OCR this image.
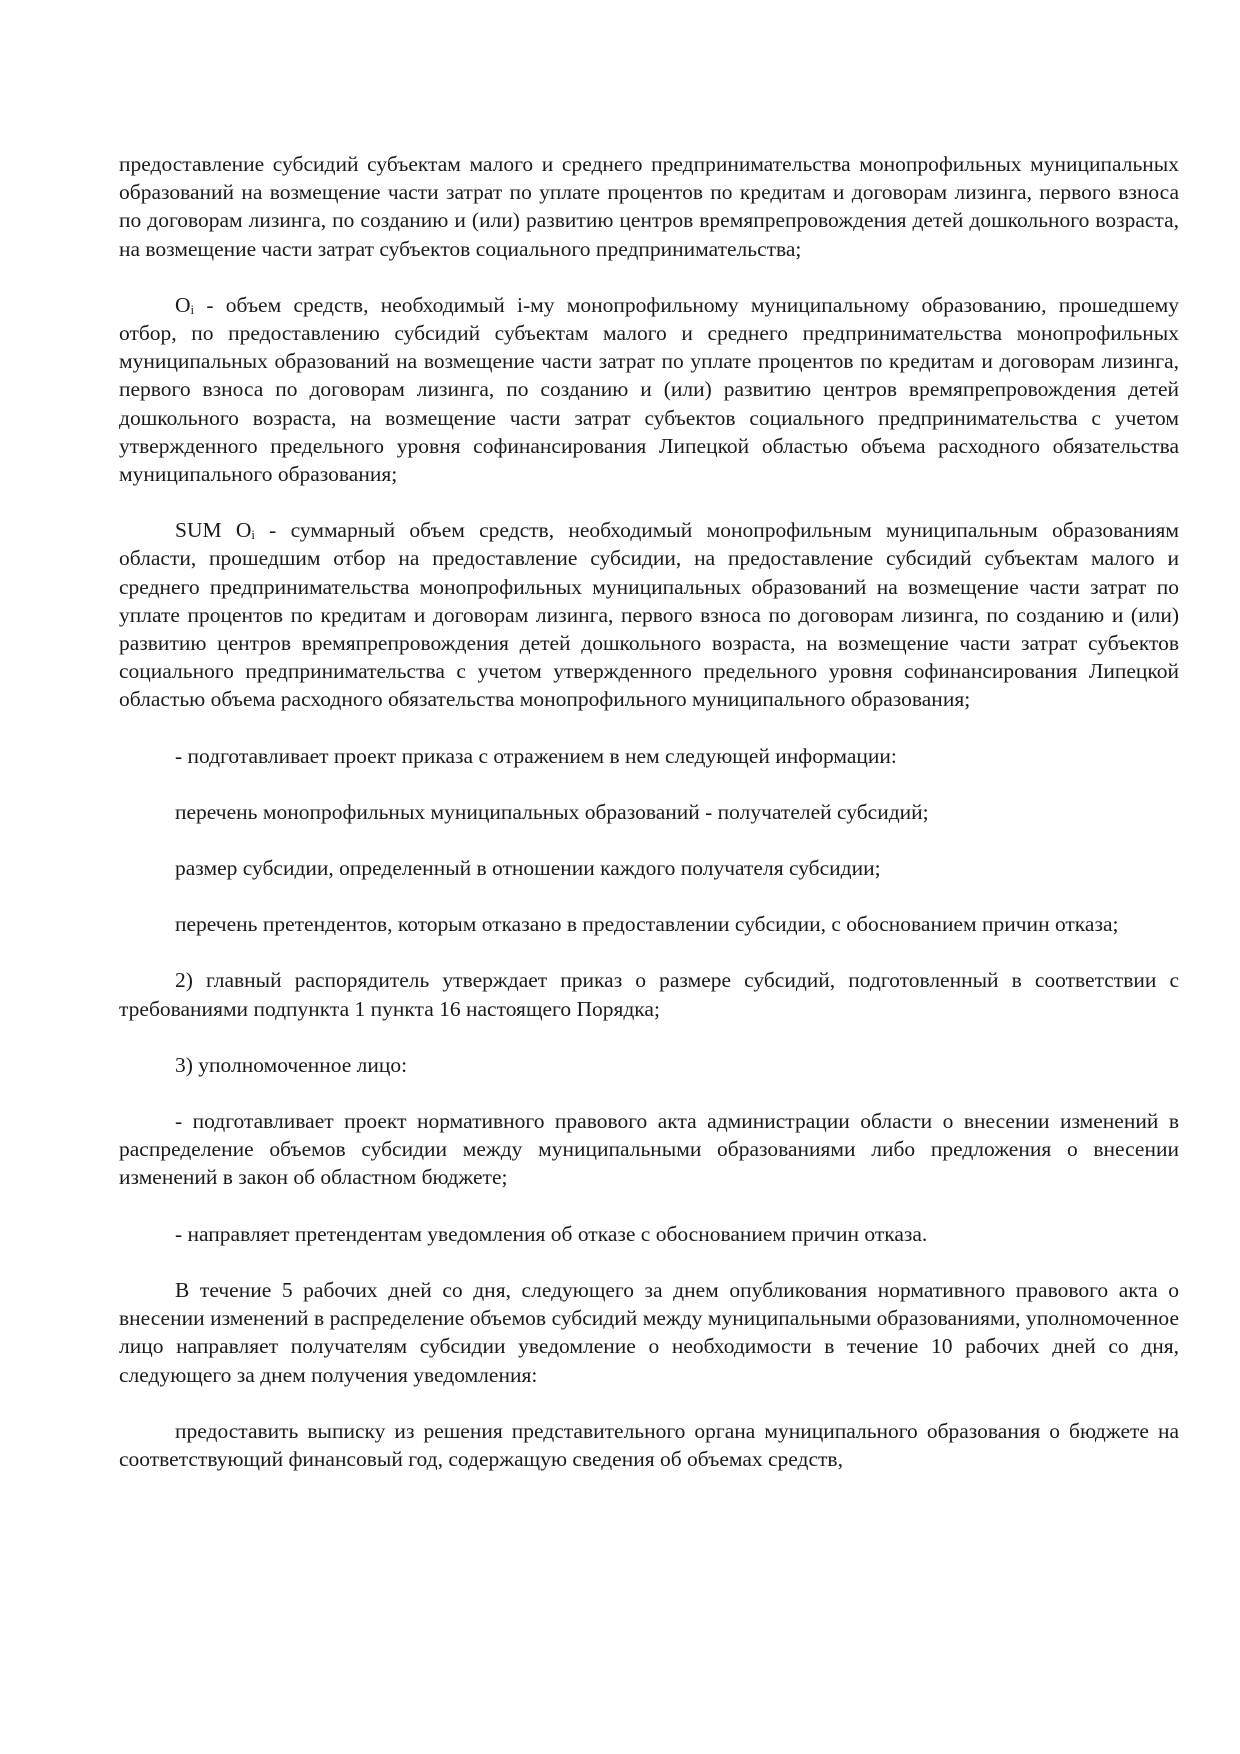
предоставление субсидий субъектам малого и среднего предпринимательства монопрофильных муниципальных образований на возмещение части затрат по уплате процентов по кредитам и договорам лизинга, первого взноса по договорам лизинга, по созданию и (или) развитию центров времяпрепровождения детей дошкольного возраста, на возмещение части затрат субъектов социального предпринимательства;

Oᵢ - объем средств, необходимый i-му монопрофильному муниципальному образованию, прошедшему отбор, по предоставлению субсидий субъектам малого и среднего предпринимательства монопрофильных муниципальных образований на возмещение части затрат по уплате процентов по кредитам и договорам лизинга, первого взноса по договорам лизинга, по созданию и (или) развитию центров времяпрепровождения детей дошкольного возраста, на возмещение части затрат субъектов социального предпринимательства с учетом утвержденного предельного уровня софинансирования Липецкой областью объема расходного обязательства муниципального образования;

SUM Oᵢ - суммарный объем средств, необходимый монопрофильным муниципальным образованиям области, прошедшим отбор на предоставление субсидии, на предоставление субсидий субъектам малого и среднего предпринимательства монопрофильных муниципальных образований на возмещение части затрат по уплате процентов по кредитам и договорам лизинга, первого взноса по договорам лизинга, по созданию и (или) развитию центров времяпрепровождения детей дошкольного возраста, на возмещение части затрат субъектов социального предпринимательства с учетом утвержденного предельного уровня софинансирования Липецкой областью объема расходного обязательства монопрофильного муниципального образования;

- подготавливает проект приказа с отражением в нем следующей информации:

перечень монопрофильных муниципальных образований - получателей субсидий;

размер субсидии, определенный в отношении каждого получателя субсидии;

перечень претендентов, которым отказано в предоставлении субсидии, с обоснованием причин отказа;

2) главный распорядитель утверждает приказ о размере субсидий, подготовленный в соответствии с требованиями подпункта 1 пункта 16 настоящего Порядка;

3) уполномоченное лицо:

- подготавливает проект нормативного правового акта администрации области о внесении изменений в распределение объемов субсидии между муниципальными образованиями либо предложения о внесении изменений в закон об областном бюджете;

- направляет претендентам уведомления об отказе с обоснованием причин отказа.

В течение 5 рабочих дней со дня, следующего за днем опубликования нормативного правового акта о внесении изменений в распределение объемов субсидий между муниципальными образованиями, уполномоченное лицо направляет получателям субсидии уведомление о необходимости в течение 10 рабочих дней со дня, следующего за днем получения уведомления:

предоставить выписку из решения представительного органа муниципального образования о бюджете на соответствующий финансовый год, содержащую сведения об объемах средств,
